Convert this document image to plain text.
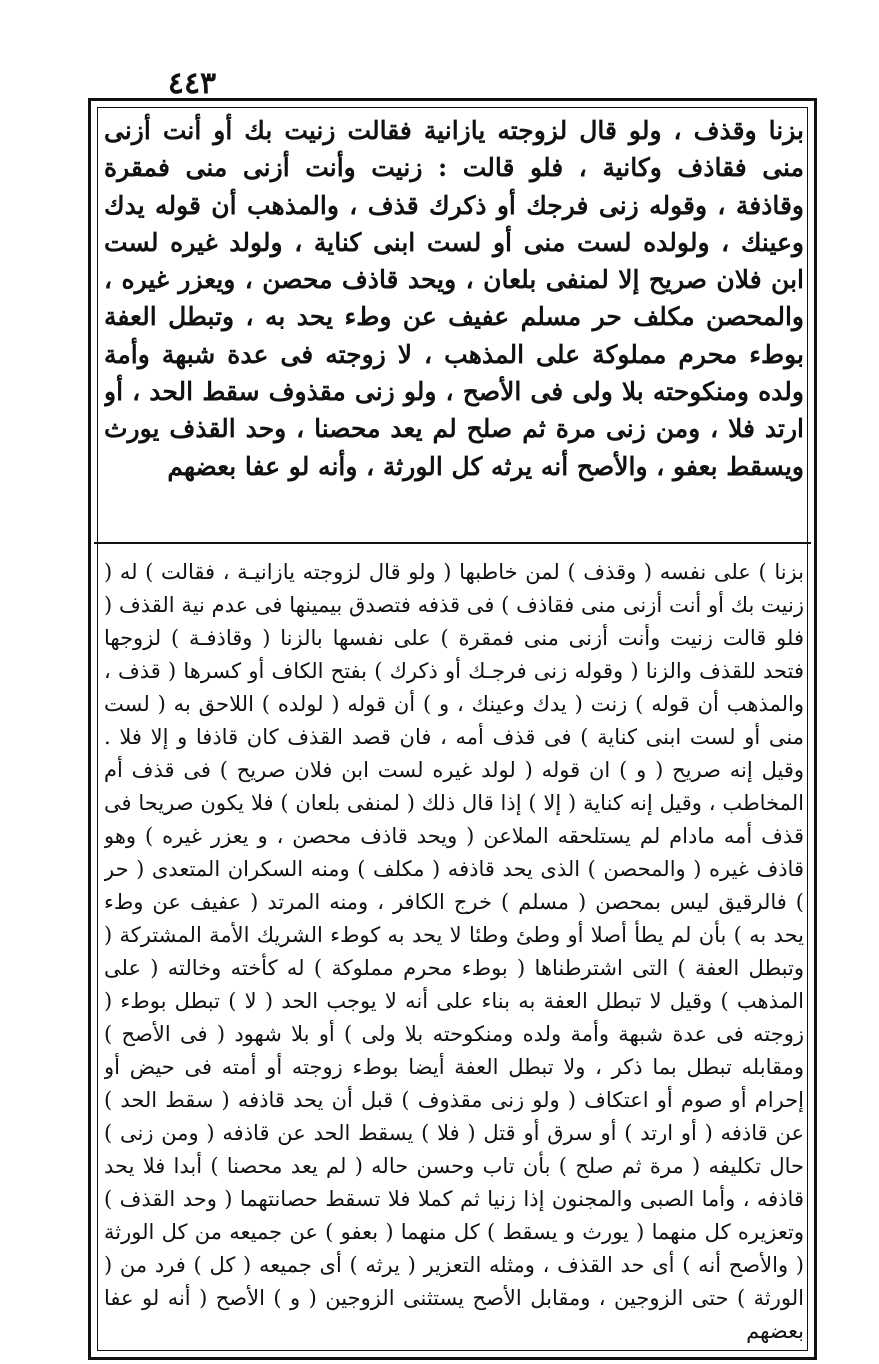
٤٤٣
بزنا وقذف ، ولو قال لزوجته يازانية فقالت زنيت بك أو أنت أزنى منى فقاذف وكانية ، فلو قالت : زنيت وأنت أزنى منى فمقرة وقاذفة ، وقوله زنى فرجك أو ذكرك قذف ، والمذهب أن قوله يدك وعينك ، ولولده لست منى أو لست ابنى كناية ، ولولد غيره لست ابن فلان صريح إلا لمنفى بلعان ، ويحد قاذف محصن ، ويعزر غيره ، والمحصن مكلف حر مسلم عفيف عن وطء يحد به ، وتبطل العفة بوطء محرم مملوكة على المذهب ، لا زوجته فى عدة شبهة وأمة ولده ومنكوحته بلا ولى فى الأصح ، ولو زنى مقذوف سقط الحد ، أو ارتد فلا ، ومن زنى مرة ثم صلح لم يعد محصنا ، وحد القذف يورث ويسقط بعفو ، والأصح أنه يرثه كل الورثة ، وأنه لو عفا بعضهم
بزنا ) على نفسه ( وقذف ) لمن خاطبها ( ولو قال لزوجته يازانيـة ، فقالت ) له ( زنيت بك أو أنت أزنى منى فقاذف ) فى قذفه فتصدق بيمينها فى عدم نية القذف ( فلو قالت زنيت وأنت أزنى منى فمقرة ) على نفسها بالزنا ( وقاذفـة ) لزوجها فتحد للقذف والزنا ( وقوله زنى فرجـك أو ذكرك ) بفتح الكاف أو كسرها ( قذف ، والمذهب أن قوله ) زنت ( يدك وعينك ، و ) أن قوله ( لولده ) اللاحق به ( لست منى أو لست ابنى كناية ) فى قذف أمه ، فان قصد القذف كان قاذفا و إلا فلا . وقيل إنه صريح ( و ) ان قوله ( لولد غيره لست ابن فلان صريح ) فى قذف أم المخاطب ، وقيل إنه كناية ( إلا ) إذا قال ذلك ( لمنفى بلعان ) فلا يكون صريحا فى قذف أمه مادام لم يستلحقه الملاعن ( ويحد قاذف محصن ، و يعزر غيره ) وهو قاذف غيره ( والمحصن ) الذى يحد قاذفه ( مكلف ) ومنه السكران المتعدى ( حر ) فالرقيق ليس بمحصن ( مسلم ) خرج الكافر ، ومنه المرتد ( عفيف عن وطء يحد به ) بأن لم يطأ أصلا أو وطئ وطئا لا يحد به كوطء الشريك الأمة المشتركة ( وتبطل العفة ) التى اشترطناها ( بوطء محرم مملوكة ) له كأخته وخالته ( على المذهب ) وقيل لا تبطل العفة به بناء على أنه لا يوجب الحد ( لا ) تبطل بوطء ( زوجته فى عدة شبهة وأمة ولده ومنكوحته بلا ولى ) أو بلا شهود ( فى الأصح ) ومقابله تبطل بما ذكر ، ولا تبطل العفة أيضا بوطء زوجته أو أمته فى حيض أو إحرام أو صوم أو اعتكاف ( ولو زنى مقذوف ) قبل أن يحد قاذفه ( سقط الحد ) عن قاذفه ( أو ارتد ) أو سرق أو قتل ( فلا ) يسقط الحد عن قاذفه ( ومن زنى ) حال تكليفه ( مرة ثم صلح ) بأن تاب وحسن حاله ( لم يعد محصنا ) أبدا فلا يحد قاذفه ، وأما الصبى والمجنون إذا زنيا ثم كملا فلا تسقط حصانتهما ( وحد القذف ) وتعزيره كل منهما ( يورث و يسقط ) كل منهما ( بعفو ) عن جميعه من كل الورثة ( والأصح أنه ) أى حد القذف ، ومثله التعزير ( يرثه ) أى جميعه ( كل ) فرد من ( الورثة ) حتى الزوجين ، ومقابل الأصح يستثنى الزوجين ( و ) الأصح ( أنه لو عفا بعضهم
